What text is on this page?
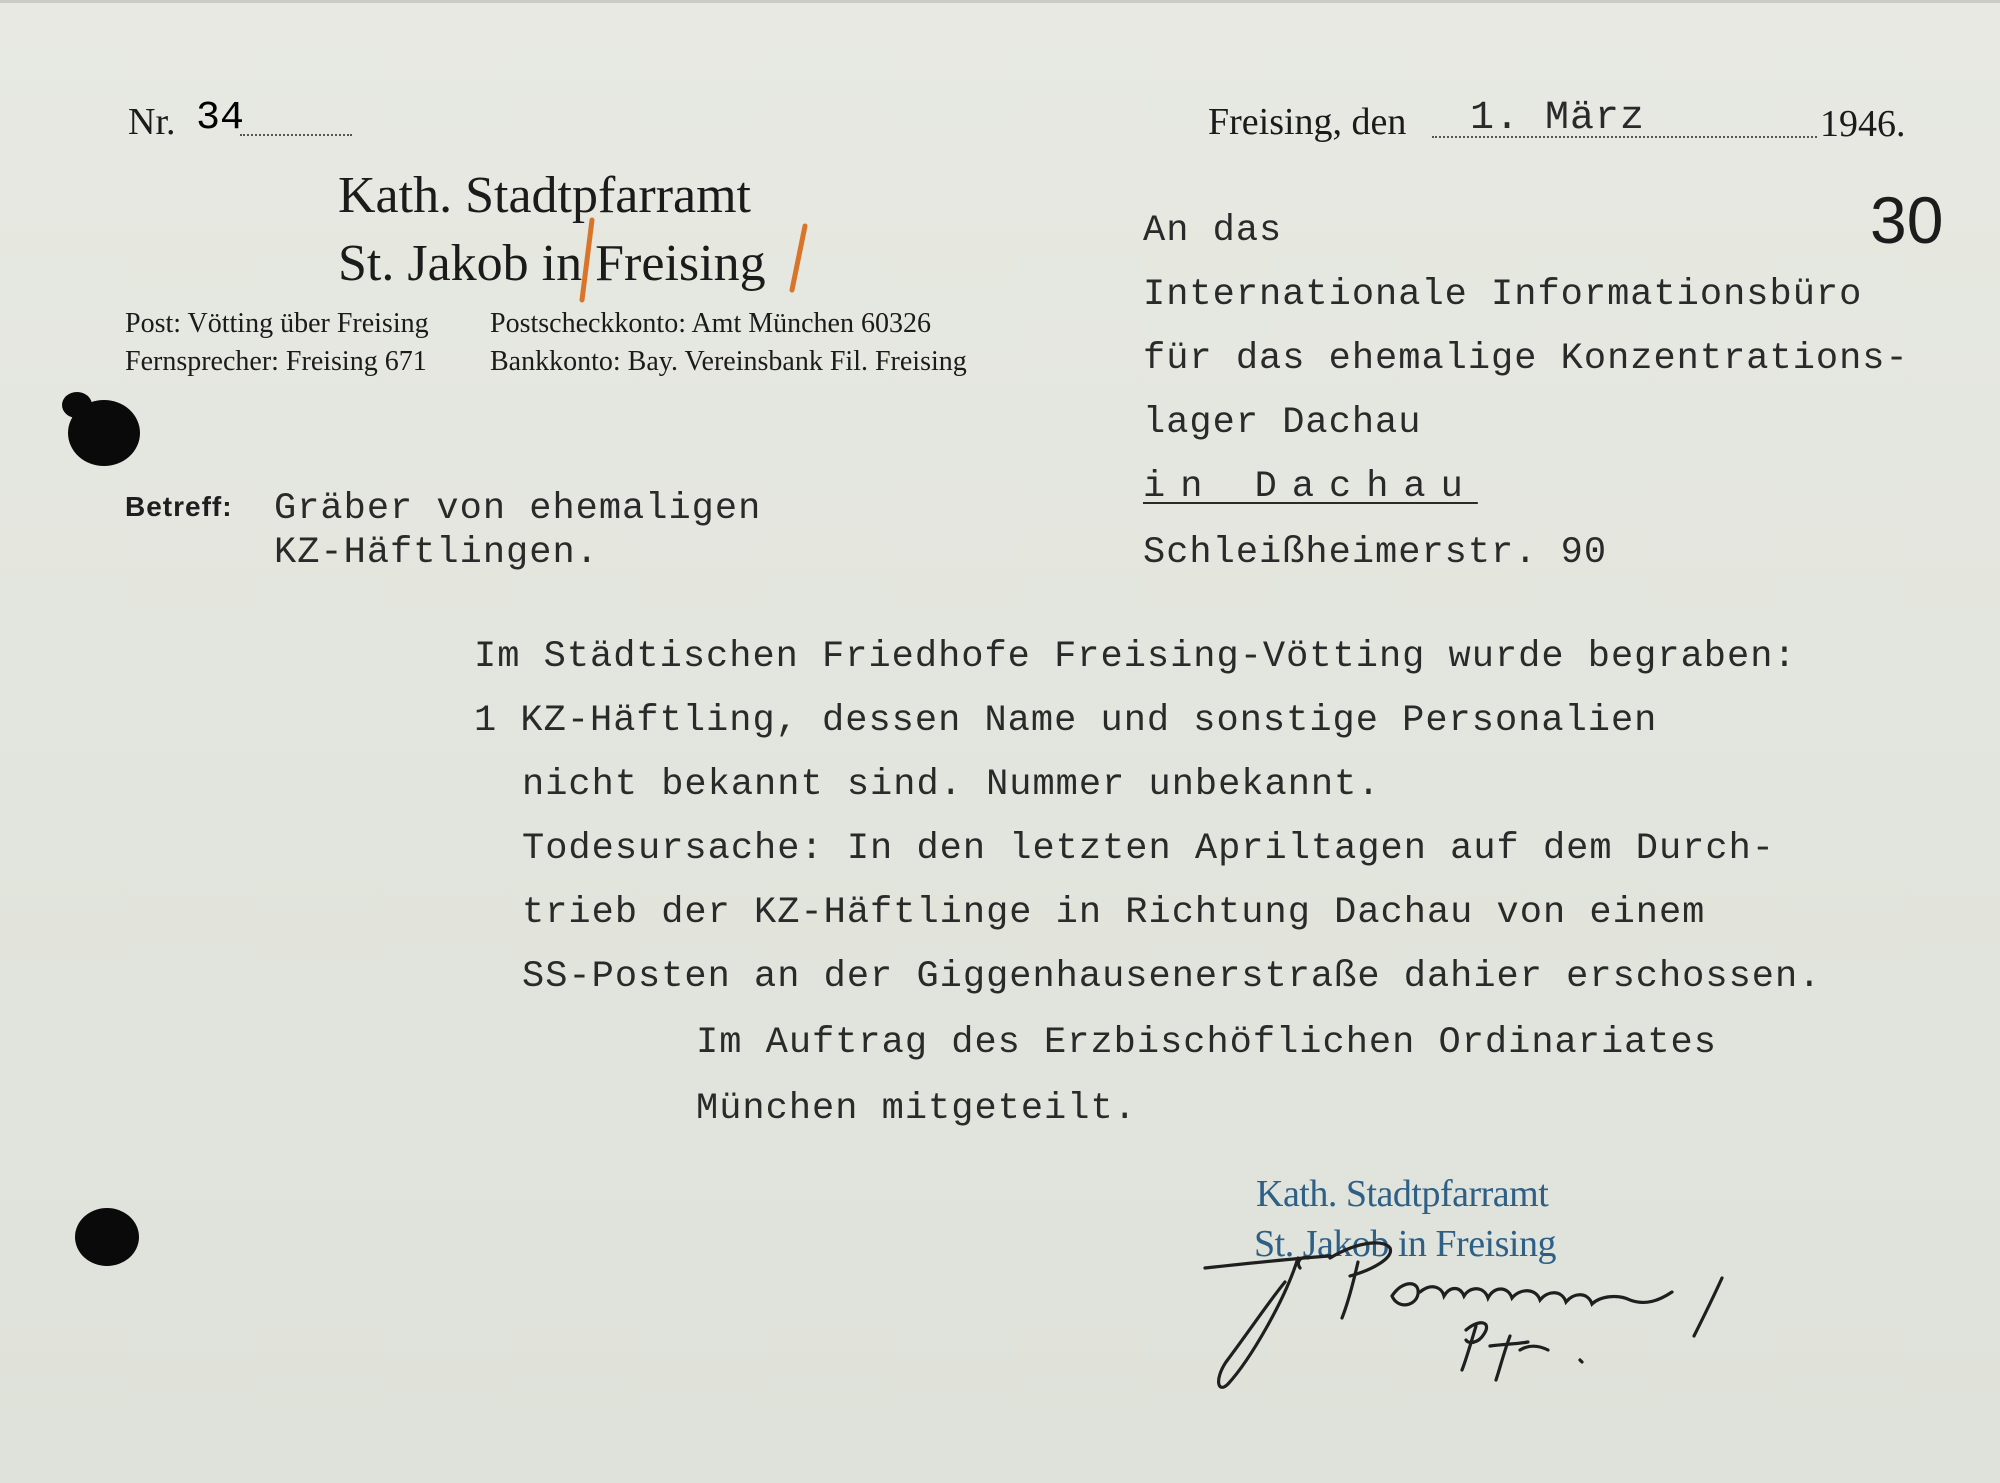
Nr. 34
Kath. Stadtpfarramt
St. Jakob in Freising
Post: Vötting über Freising Postscheckkonto: Amt München 60326
Fernsprecher: Freising 671 Bankkonto: Bay. Vereinsbank Fil. Freising
Freising, den 1. März	1946.
30
An das
Internationale Informationsbüro
für das ehemalige Konzentrations-
lager Dachau
in Dachau
Schleißheimerstr. 90
Betreff: Gräber von ehemaligen
KZ-Häftlingen.
Im Städtischen Friedhofe Freising-Vötting wurde begraben:
1 KZ-Häftling, dessen Name und sonstige Personalien
nicht bekannt sind. Nummer unbekannt.
Todesursache: In den letzten Apriltagen auf dem Durch-
trieb der KZ-Häftlinge in Richtung Dachau von einem
SS-Posten an der Giggenhausenerstraße dahier erschossen.
Im Auftrag des Erzbischöflichen Ordinariates
München mitgeteilt.
Kath. Stadtpfarramt
St. Jakob in Freising
